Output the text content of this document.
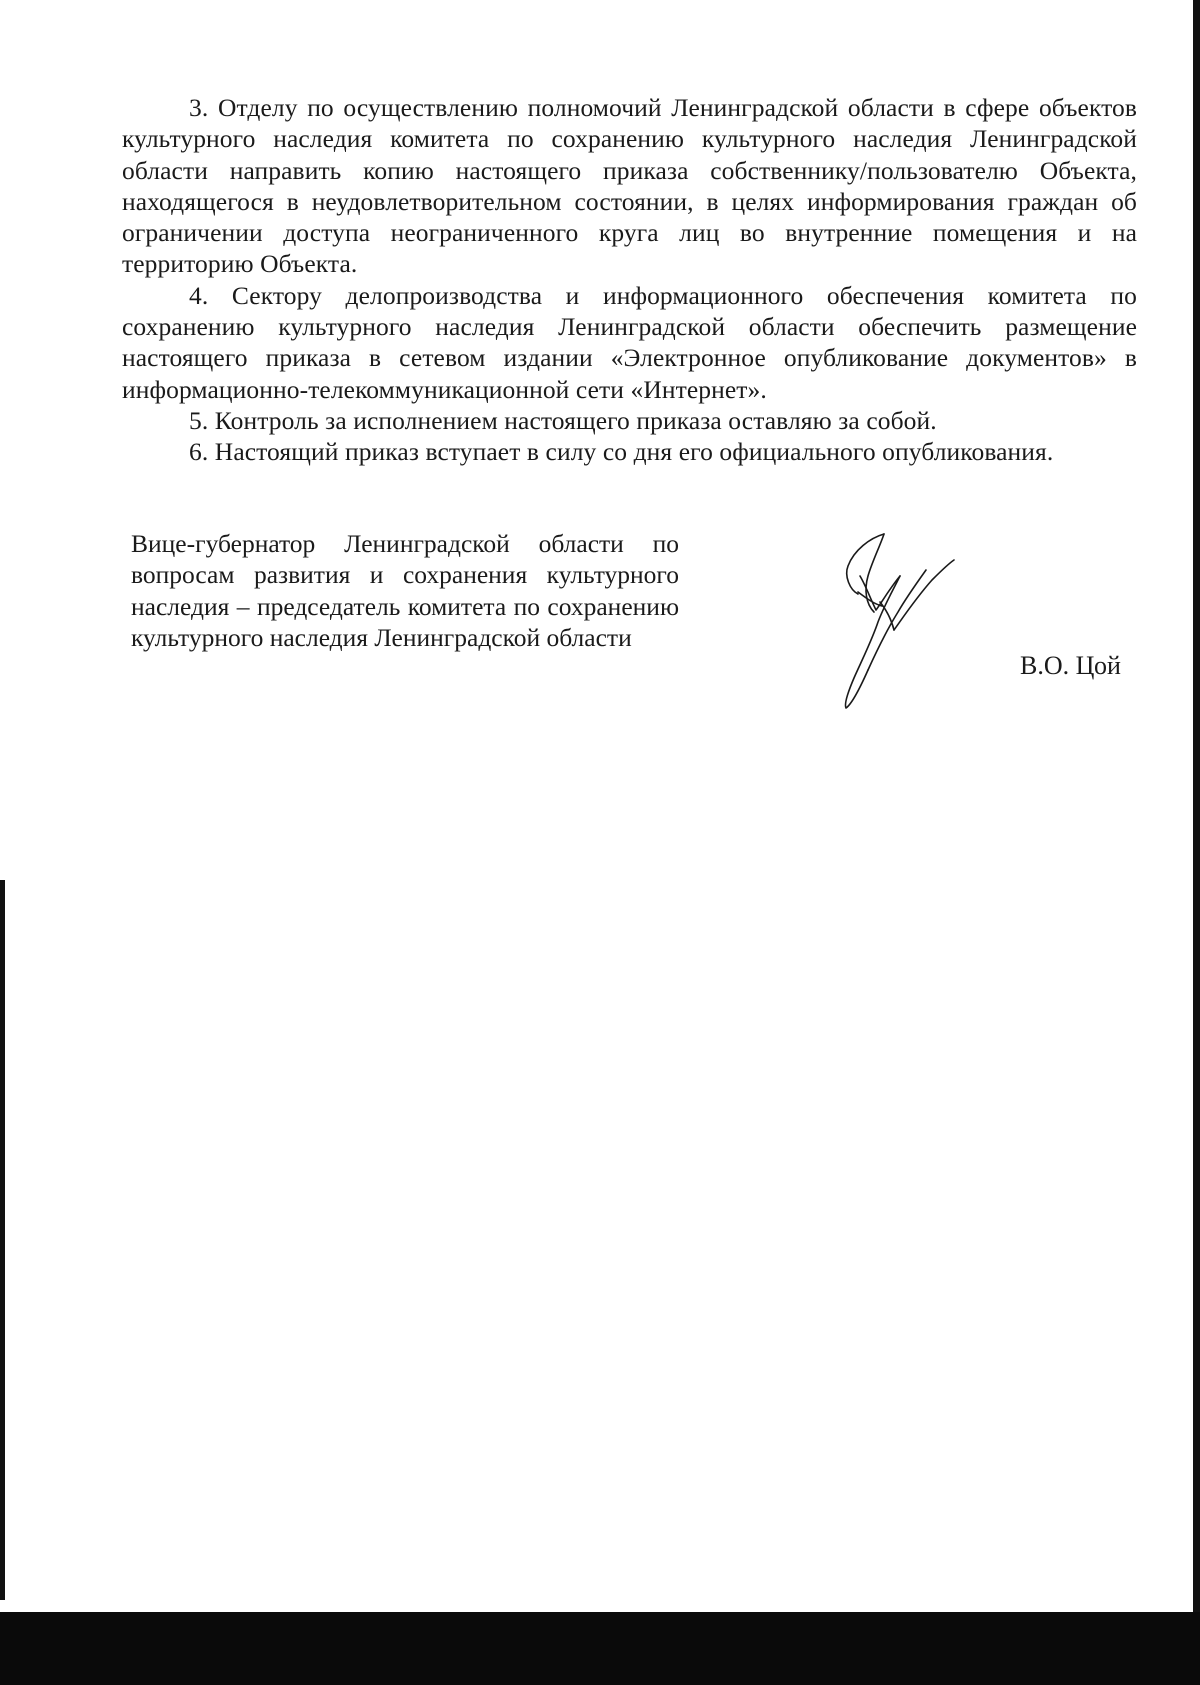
3. Отделу по осуществлению полномочий Ленинградской области в сфере объектов культурного наследия комитета по сохранению культурного наследия Ленинградской области направить копию настоящего приказа собственнику/пользователю Объекта, находящегося в неудовлетворительном состоянии, в целях информирования граждан об ограничении доступа неограниченного круга лиц во внутренние помещения и на территорию Объекта.

4. Сектору делопроизводства и информационного обеспечения комитета по сохранению культурного наследия Ленинградской области обеспечить размещение настоящего приказа в сетевом издании «Электронное опубликование документов» в информационно-телекоммуникационной сети «Интернет».

5. Контроль за исполнением настоящего приказа оставляю за собой.

6. Настоящий приказ вступает в силу со дня его официального опубликования.

Вице-губернатор Ленинградской области по вопросам развития и сохранения культурного наследия – председатель комитета по сохранению культурного наследия Ленинградской области
В.О. Цой
